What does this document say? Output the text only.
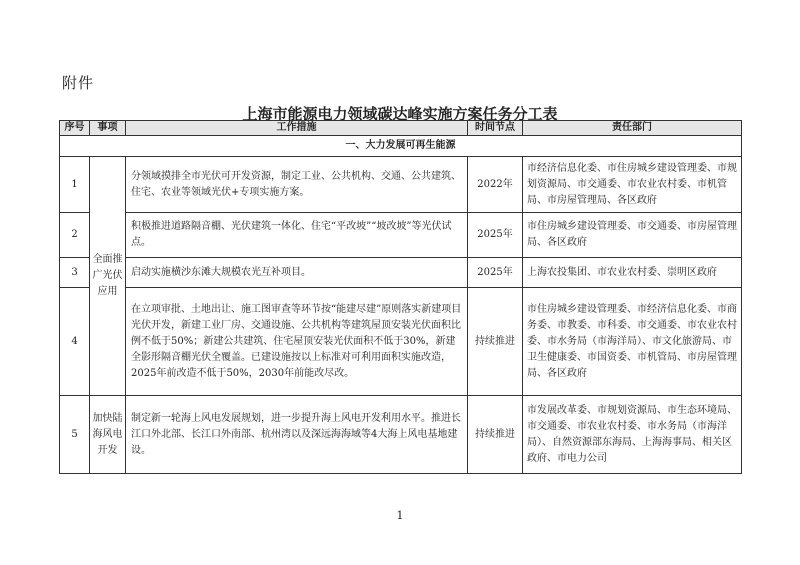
附件
上海市能源电力领域碳达峰实施方案任务分工表
序号	事项	工作措施	时间节点	责任部门
一、大力发展可再生能源				
1	全面推广光伏应用	分领域摸排全市光伏可开发资源，制定工业、公共机构、交通、公共建筑、住宅、农业等领域光伏+专项实施方案。	2022年	市经济信息化委、市住房城乡建设管理委、市规划资源局、市交通委、市农业农村委、市机管局、市房屋管理局、各区政府
2		积极推进道路隔音棚、光伏建筑一体化、住宅“平改坡”“坡改坡”等光伏试点。	2025年	市住房城乡建设管理委、市交通委、市房屋管理局、各区政府
3		启动实施横沙东滩大规模农光互补项目。	2025年	上海农投集团、市农业农村委、崇明区政府
4		在立项审批、土地出让、施工图审查等环节按“能建尽建”原则落实新建项目光伏开发，新建工业厂房、交通设施、公共机构等建筑屋顶安装光伏面积比例不低于50%；新建公共建筑、住宅屋顶安装光伏面积不低于30%，新建全影形隔音棚光伏全覆盖。已建设施按以上标准对可利用面积实施改造，2025年前改造不低于50%，2030年前能改尽改。	持续推进	市住房城乡建设管理委、市经济信息化委、市商务委、市教委、市科委、市交通委、市农业农村委、市水务局（市海洋局）、市文化旅游局、市卫生健康委、市国资委、市机管局、市房屋管理局、各区政府
5	加快陆海风电开发	制定新一轮海上风电发展规划，进一步提升海上风电开发利用水平。推进长江口外北部、长江口外南部、杭州湾以及深远海海域等4大海上风电基地建设。	持续推进	市发展改革委、市规划资源局、市生态环境局、市交通委、市农业农村委、市水务局（市海洋局）、自然资源部东海局、上海海事局、相关区政府、市电力公司
1
